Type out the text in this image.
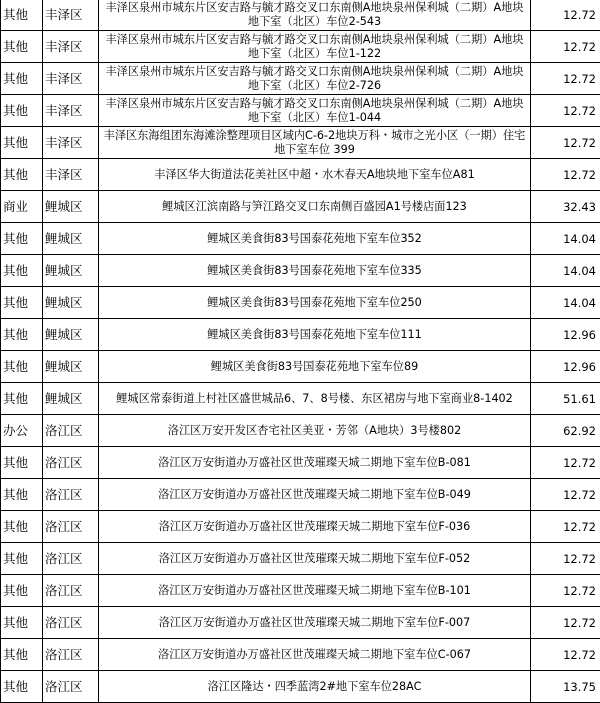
其他	丰泽区	丰泽区泉州市城东片区安吉路与毓才路交叉口东南侧A地块泉州保利城（二期）A地块地下室（北区）车位2-543	12.72
其他	丰泽区	丰泽区泉州市城东片区安吉路与毓才路交叉口东南侧A地块泉州保利城（二期）A地块地下室（北区）车位1-122	12.72
其他	丰泽区	丰泽区泉州市城东片区安吉路与毓才路交叉口东南侧A地块泉州保利城（二期）A地块地下室（北区）车位2-726	12.72
其他	丰泽区	丰泽区泉州市城东片区安吉路与毓才路交叉口东南侧A地块泉州保利城（二期）A地块地下室（北区）车位1-044	12.72
其他	丰泽区	丰泽区东海组团东海滩涂整理项目区域内C-6-2地块万科・城市之光小区（一期）住宅地下室车位 399	12.72
其他	丰泽区	丰泽区华大街道法花美社区中超・水木春天A地块地下室车位A81	12.72
商业	鲤城区	鲤城区江滨南路与笋江路交叉口东南侧百盛园A1号楼店面123	32.43
其他	鲤城区	鲤城区美食街83号国泰花苑地下室车位352	14.04
其他	鲤城区	鲤城区美食街83号国泰花苑地下室车位335	14.04
其他	鲤城区	鲤城区美食街83号国泰花苑地下室车位250	14.04
其他	鲤城区	鲤城区美食街83号国泰花苑地下室车位111	12.96
其他	鲤城区	鲤城区美食街83号国泰花苑地下室车位89	12.96
其他	鲤城区	鲤城区常泰街道上村社区盛世城品6、7、8号楼、东区裙房与地下室商业8-1402	51.61
办公	洛江区	洛江区万安开发区杏宅社区美亚・芳邻（A地块）3号楼802	62.92
其他	洛江区	洛江区万安街道办万盛社区世茂璀璨天城二期地下室车位B-081	12.72
其他	洛江区	洛江区万安街道办万盛社区世茂璀璨天城二期地下室车位B-049	12.72
其他	洛江区	洛江区万安街道办万盛社区世茂璀璨天城二期地下室车位F-036	12.72
其他	洛江区	洛江区万安街道办万盛社区世茂璀璨天城二期地下室车位F-052	12.72
其他	洛江区	洛江区万安街道办万盛社区世茂璀璨天城二期地下室车位B-101	12.72
其他	洛江区	洛江区万安街道办万盛社区世茂璀璨天城二期地下室车位F-007	12.72
其他	洛江区	洛江区万安街道办万盛社区世茂璀璨天城二期地下室车位C-067	12.72
其他	洛江区	洛江区隆达・四季蓝湾2#地下室车位28AC	13.75
